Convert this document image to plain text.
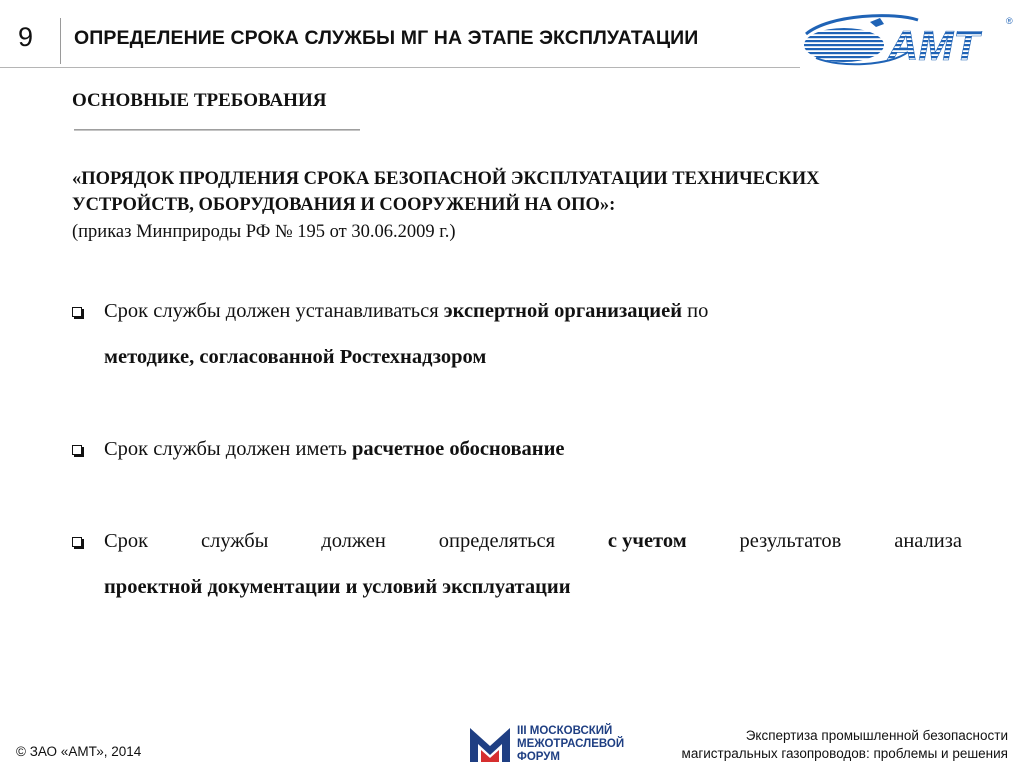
9	ОПРЕДЕЛЕНИЕ СРОКА СЛУЖБЫ МГ НА ЭТАПЕ ЭКСПЛУАТАЦИИ	АМТ
®
ОСНОВНЫЕ ТРЕБОВАНИЯ
«ПОРЯДОК ПРОДЛЕНИЯ СРОКА БЕЗОПАСНОЙ ЭКСПЛУАТАЦИИ ТЕХНИЧЕСКИХ
УСТРОЙСТВ, ОБОРУДОВАНИЯ И СООРУЖЕНИЙ НА ОПО»:
(приказ Минприроды РФ № 195 от 30.06.2009 г.)
Срок службы должен устанавливаться экспертной организацией по
методике, согласованной Ростехнадзором
Срок службы должен иметь расчетное обоснование
Срок	службы	должен	определяться	с учетом	результатов	анализа
проектной документации и условий эксплуатации
© ЗАО «АМТ», 2014
III МОСКОВСКИЙ
МЕЖОТРАСЛЕВОЙ
ФОРУМ
Экспертиза промышленной безопасности
магистральных газопроводов: проблемы и решения
